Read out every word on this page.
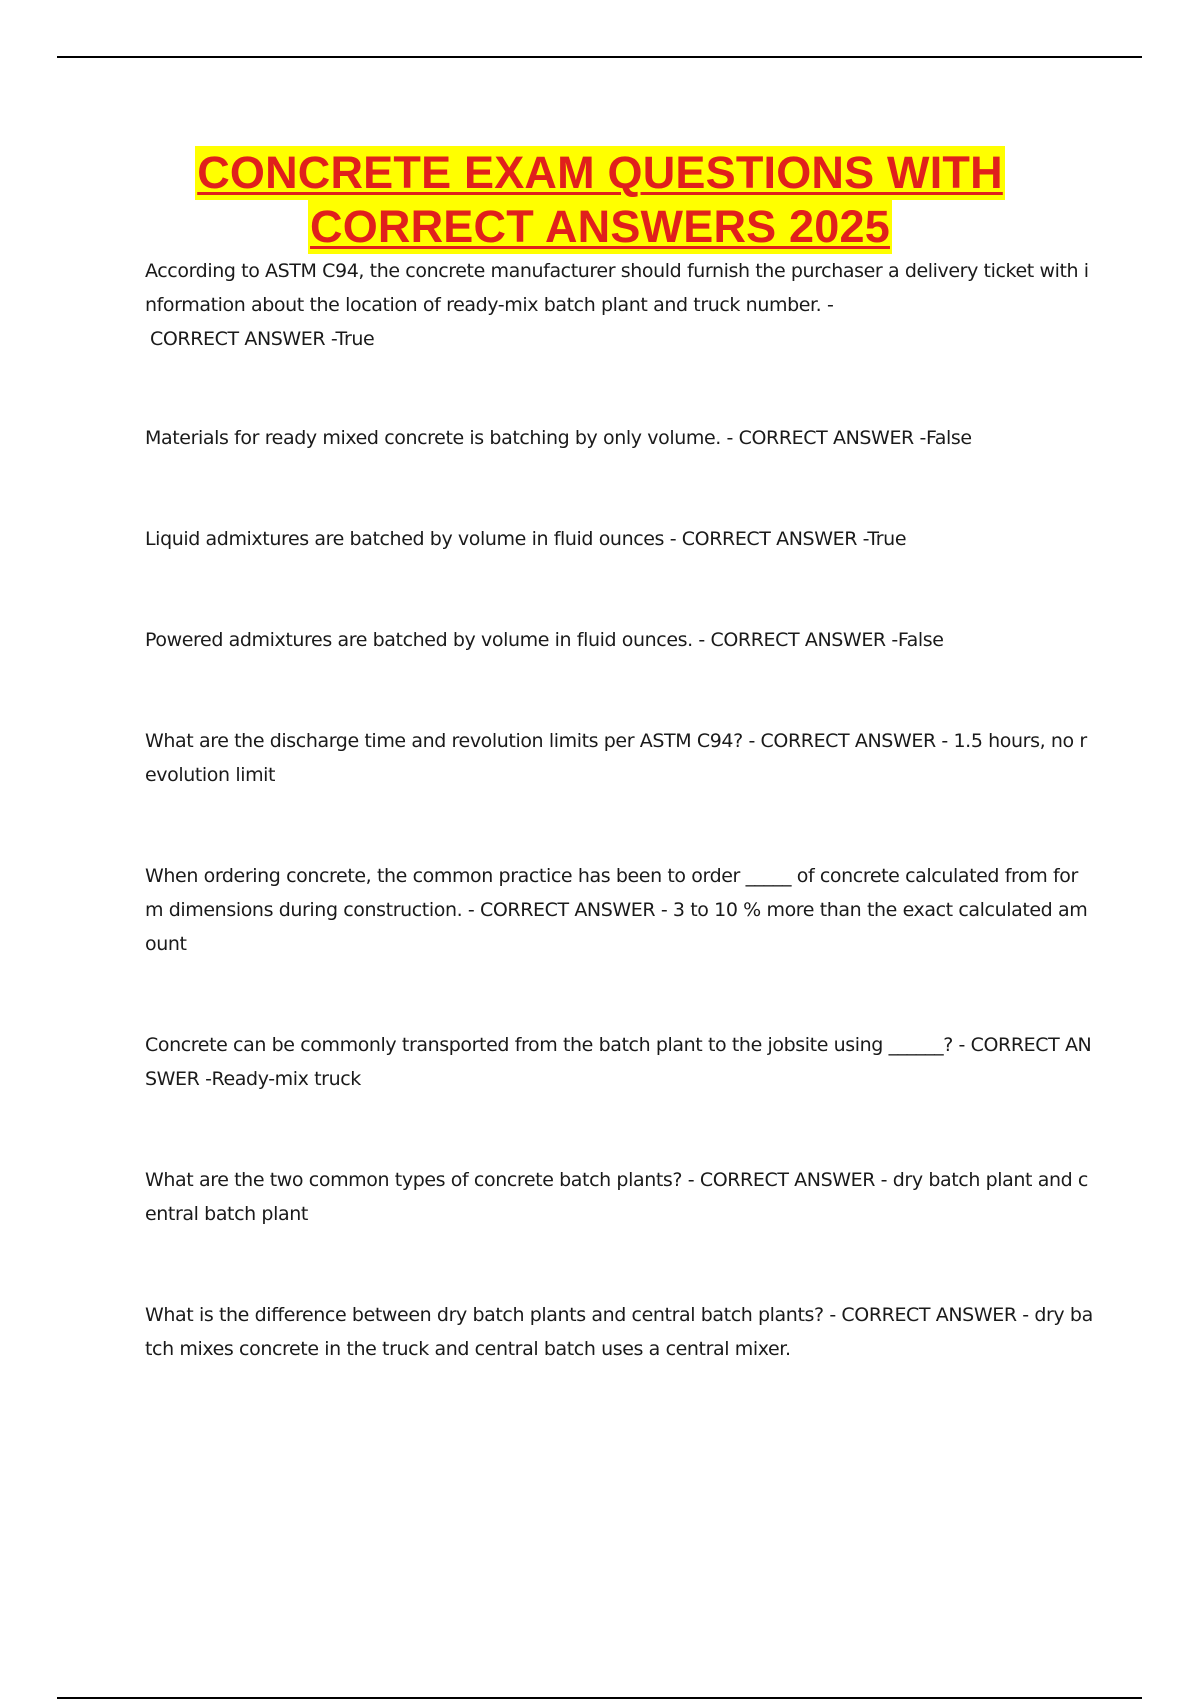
CONCRETE EXAM QUESTIONS WITH
CORRECT ANSWERS 2025

According to ASTM C94, the concrete manufacturer should furnish the purchaser a delivery ticket with information about the location of ready-mix batch plant and truck number. -
CORRECT ANSWER -True

Materials for ready mixed concrete is batching by only volume. - CORRECT ANSWER -False

Liquid admixtures are batched by volume in fluid ounces - CORRECT ANSWER -True

Powered admixtures are batched by volume in fluid ounces. - CORRECT ANSWER -False

What are the discharge time and revolution limits per ASTM C94? - CORRECT ANSWER - 1.5 hours, no revolution limit

When ordering concrete, the common practice has been to order _____ of concrete calculated from form dimensions during construction. - CORRECT ANSWER - 3 to 10 % more than the exact calculated amount

Concrete can be commonly transported from the batch plant to the jobsite using ______? - CORRECT ANSWER -Ready-mix truck

What are the two common types of concrete batch plants? - CORRECT ANSWER - dry batch plant and central batch plant

What is the difference between dry batch plants and central batch plants? - CORRECT ANSWER - dry batch mixes concrete in the truck and central batch uses a central mixer.
